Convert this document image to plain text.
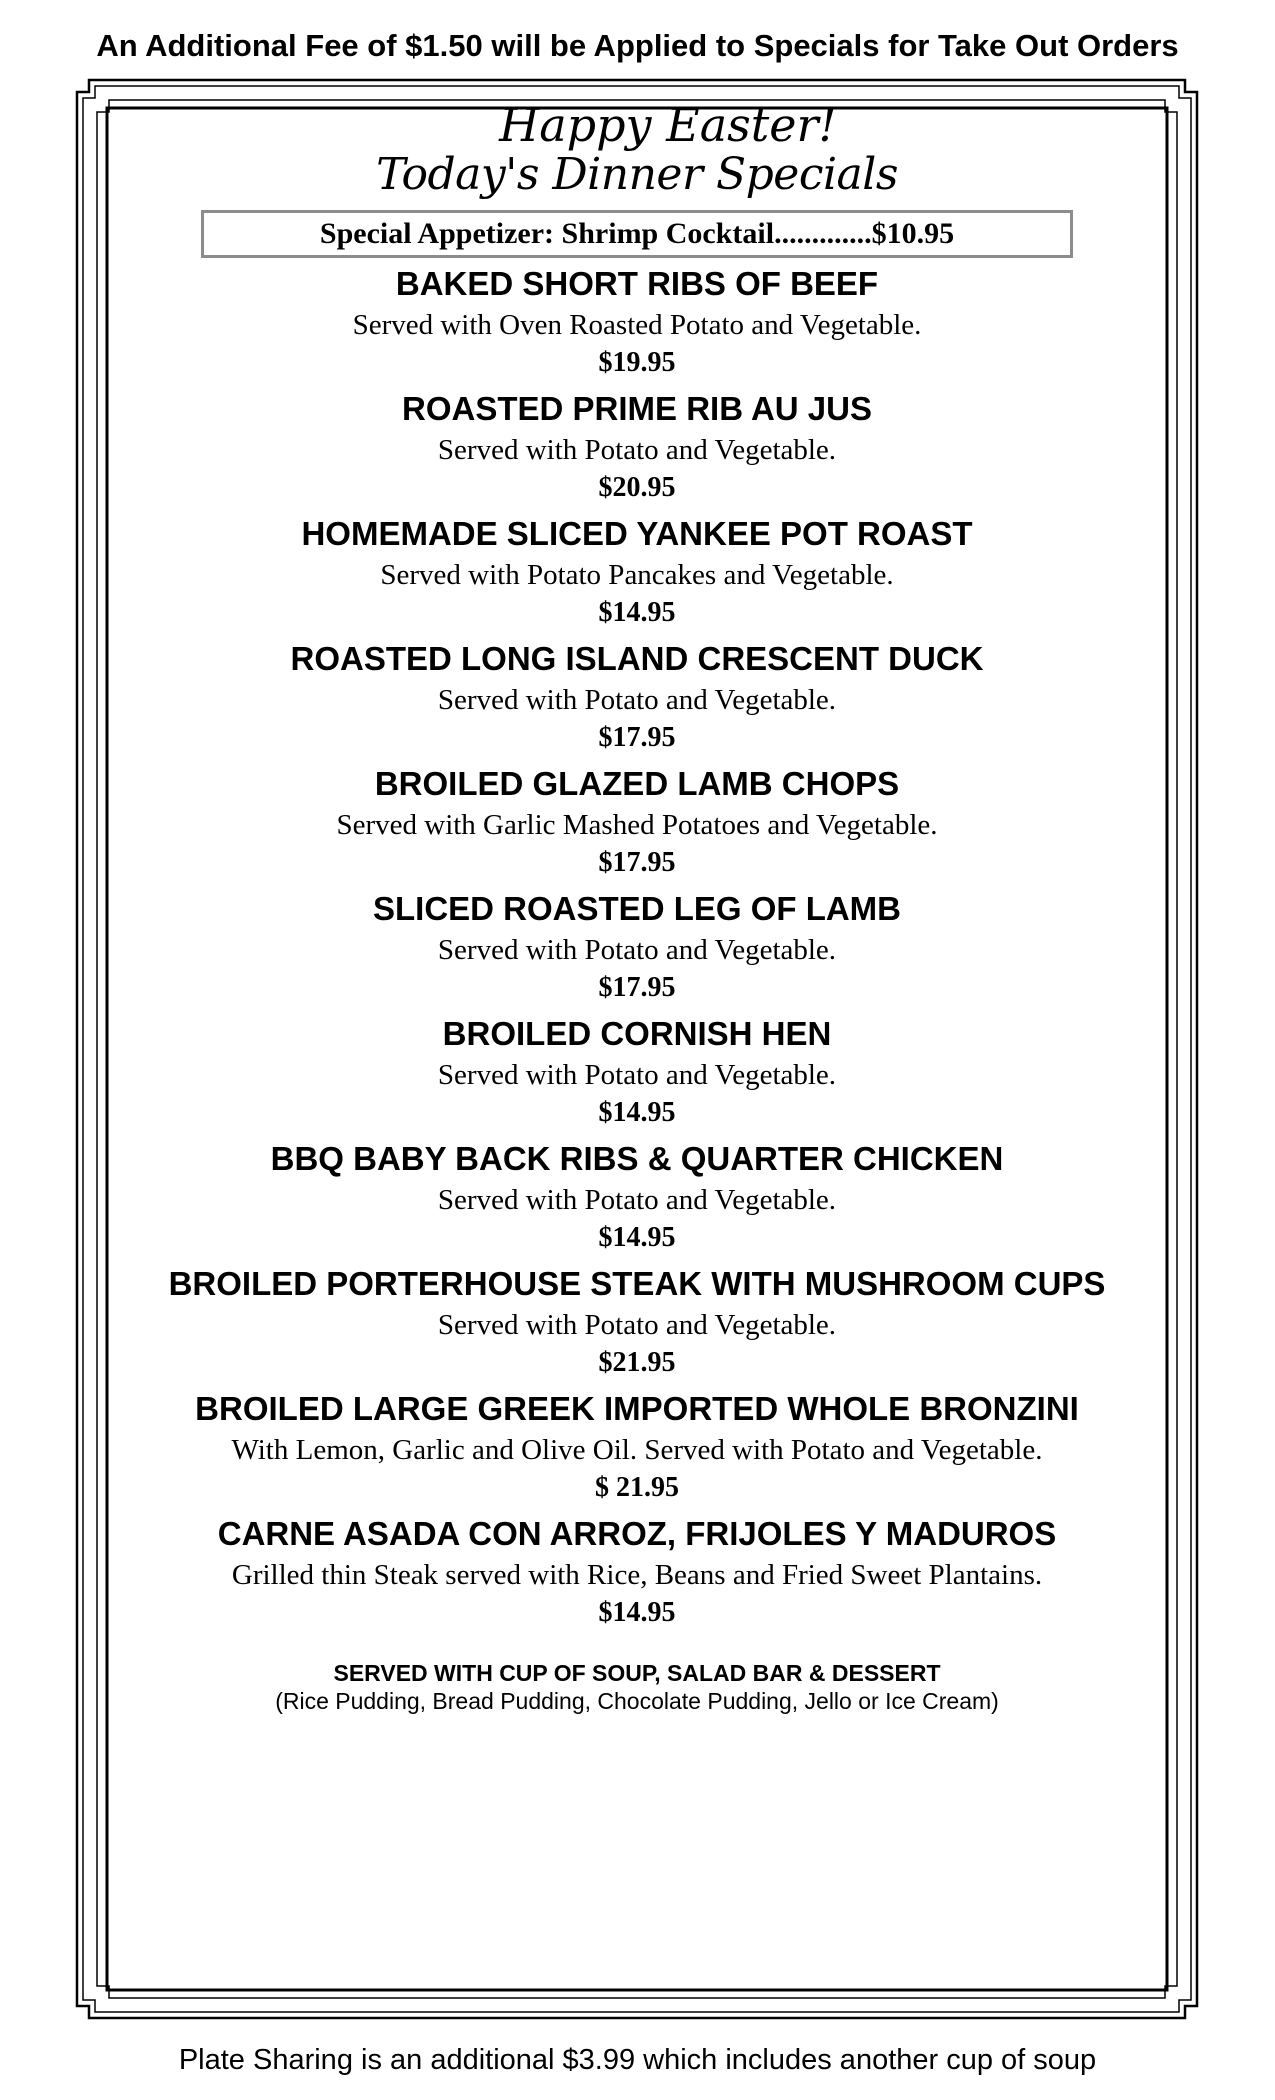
An Additional Fee of $1.50 will be Applied to Specials for Take Out Orders
Happy Easter!
Today's Dinner Specials
Special Appetizer: Shrimp Cocktail.............$10.95
BAKED SHORT RIBS OF BEEF
Served with Oven Roasted Potato and Vegetable.
$19.95
ROASTED PRIME RIB AU JUS
Served with Potato and Vegetable.
$20.95
HOMEMADE SLICED YANKEE POT ROAST
Served with Potato Pancakes and Vegetable.
$14.95
ROASTED LONG ISLAND CRESCENT DUCK
Served with Potato and Vegetable.
$17.95
BROILED GLAZED LAMB CHOPS
Served with Garlic Mashed Potatoes and Vegetable.
$17.95
SLICED ROASTED LEG OF LAMB
Served with Potato and Vegetable.
$17.95
BROILED CORNISH HEN
Served with Potato and Vegetable.
$14.95
BBQ BABY BACK RIBS & QUARTER CHICKEN
Served with Potato and Vegetable.
$14.95
BROILED PORTERHOUSE STEAK WITH MUSHROOM CUPS
Served with Potato and Vegetable.
$21.95
BROILED LARGE GREEK IMPORTED WHOLE BRONZINI
With Lemon, Garlic and Olive Oil. Served with Potato and Vegetable.
$ 21.95
CARNE ASADA CON ARROZ, FRIJOLES Y MADUROS
Grilled thin Steak served with Rice, Beans and Fried Sweet Plantains.
$14.95
SERVED WITH CUP OF SOUP, SALAD BAR & DESSERT
(Rice Pudding, Bread Pudding, Chocolate Pudding, Jello or Ice Cream)
Plate Sharing is an additional $3.99 which includes another cup of soup
